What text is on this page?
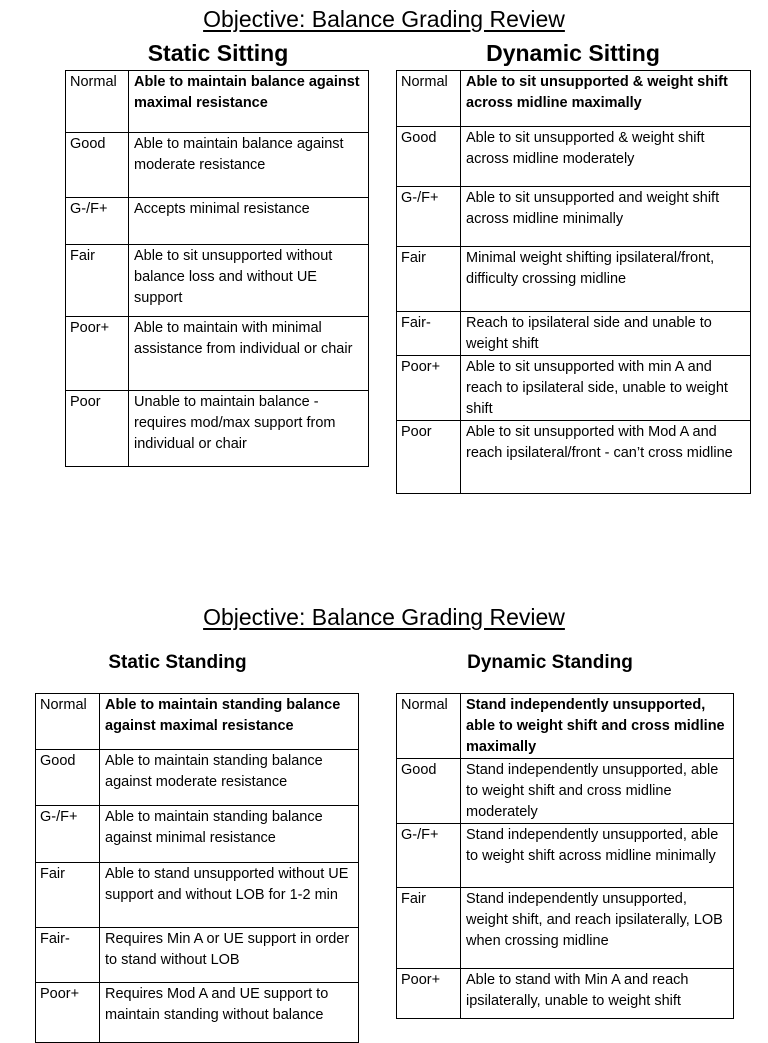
Objective: Balance Grading Review
Static Sitting	Dynamic Sitting
Normal	Able to maintain balance against maximal resistance
Good	Able to maintain balance against moderate resistance
G-/F+	Accepts minimal resistance
Fair	Able to sit unsupported without balance loss and without UE support
Poor+	Able to maintain with minimal assistance from individual or chair
Poor	Unable to maintain balance - requires mod/max support from individual or chair
Normal	Able to sit unsupported & weight shift across midline maximally
Good	Able to sit unsupported & weight shift across midline moderately
G-/F+	Able to sit unsupported and weight shift across midline minimally
Fair	Minimal weight shifting ipsilateral/front, difficulty crossing midline
Fair-	Reach to ipsilateral side and unable to weight shift
Poor+	Able to sit unsupported with min A and reach to ipsilateral side, unable to weight shift
Poor	Able to sit unsupported with Mod A and reach ipsilateral/front - can’t cross midline
Objective: Balance Grading Review
Static Standing	Dynamic Standing
Normal	Able to maintain standing balance against maximal resistance
Good	Able to maintain standing balance against moderate resistance
G-/F+	Able to maintain standing balance against minimal resistance
Fair	Able to stand unsupported without UE support and without LOB for 1-2 min
Fair-	Requires Min A or UE support in order to stand without LOB
Poor+	Requires Mod A and UE support to maintain standing without balance
Normal	Stand independently unsupported, able to weight shift and cross midline maximally
Good	Stand independently unsupported, able to weight shift and cross midline moderately
G-/F+	Stand independently unsupported, able to weight shift across midline minimally
Fair	Stand independently unsupported, weight shift, and reach ipsilaterally, LOB when crossing midline
Poor+	Able to stand with Min A and reach ipsilaterally, unable to weight shift
